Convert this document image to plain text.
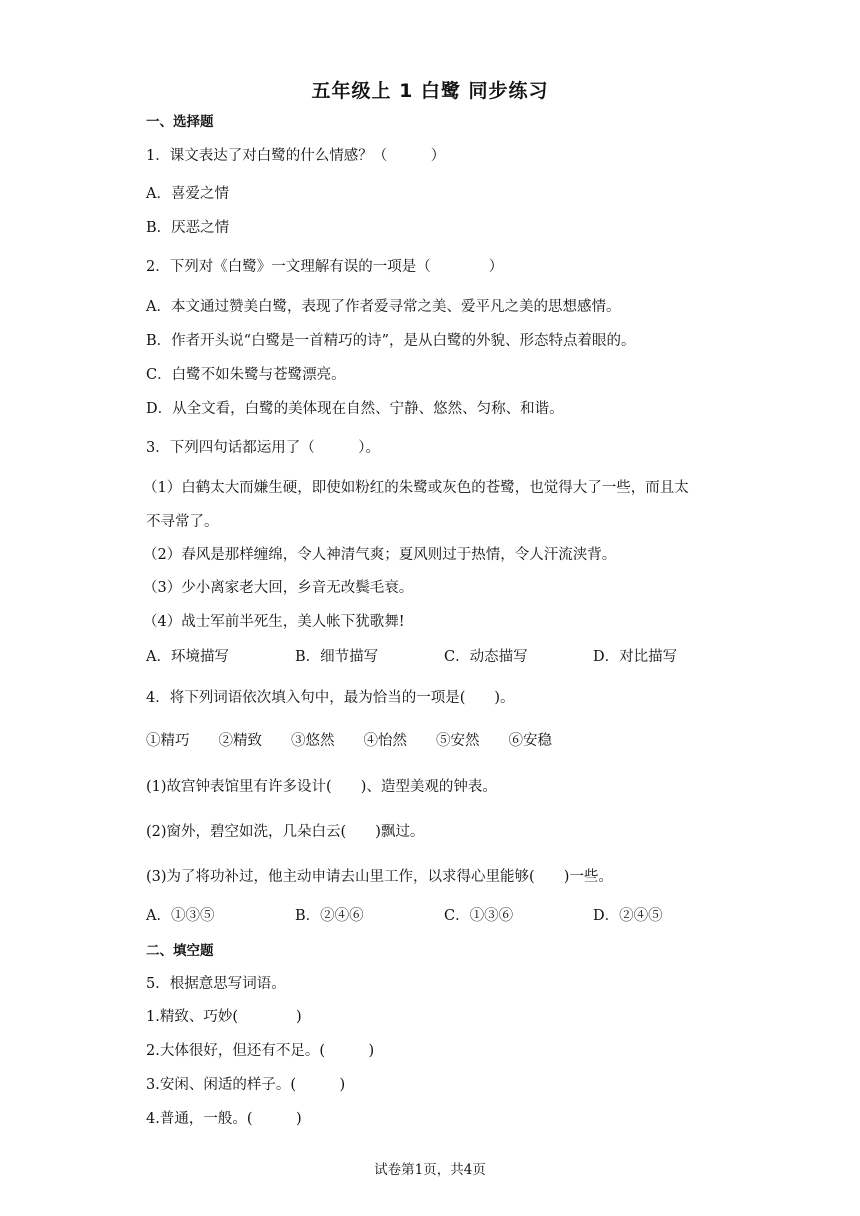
五年级上 1 白鹭 同步练习
一、选择题
1．课文表达了对白鹭的什么情感？（　　　）
A．喜爱之情
B．厌恶之情
2．下列对《白鹭》一文理解有误的一项是（　　　　）
A．本文通过赞美白鹭，表现了作者爱寻常之美、爱平凡之美的思想感情。
B．作者开头说“白鹭是一首精巧的诗”，是从白鹭的外貌、形态特点着眼的。
C．白鹭不如朱鹭与苍鹭漂亮。
D．从全文看，白鹭的美体现在自然、宁静、悠然、匀称、和谐。
3．下列四句话都运用了（　　　）。
（1）白鹤太大而嫌生硬，即使如粉红的朱鹭或灰色的苍鹭，也觉得大了一些，而且太
不寻常了。
（2）春风是那样缠绵，令人神清气爽；夏风则过于热情，令人汗流浃背。
（3）少小离家老大回，乡音无改鬓毛衰。
（4）战士军前半死生，美人帐下犹歌舞!

A．环境描写

	B．细节描写

	C．动态描写

	D．对比描写

4．将下列词语依次填入句中，最为恰当的一项是(　　)。
①精巧　　②精致　　③悠然　　④怡然　　⑤安然　　⑥安稳
(1)故宫钟表馆里有许多设计(　　)、造型美观的钟表。
(2)窗外，碧空如洗，几朵白云(　　)飘过。
(3)为了将功补过，他主动申请去山里工作，以求得心里能够(　　)一些。

A．①③⑤

	B．②④⑥

	C．①③⑥

	D．②④⑤

二、填空题
5．根据意思写词语。
1.精致、巧妙(　　　　)
2.大体很好，但还有不足。(　　　)
3.安闲、闲适的样子。(　　　)
4.普通，一般。(　　　)
试卷第1页，共4页
